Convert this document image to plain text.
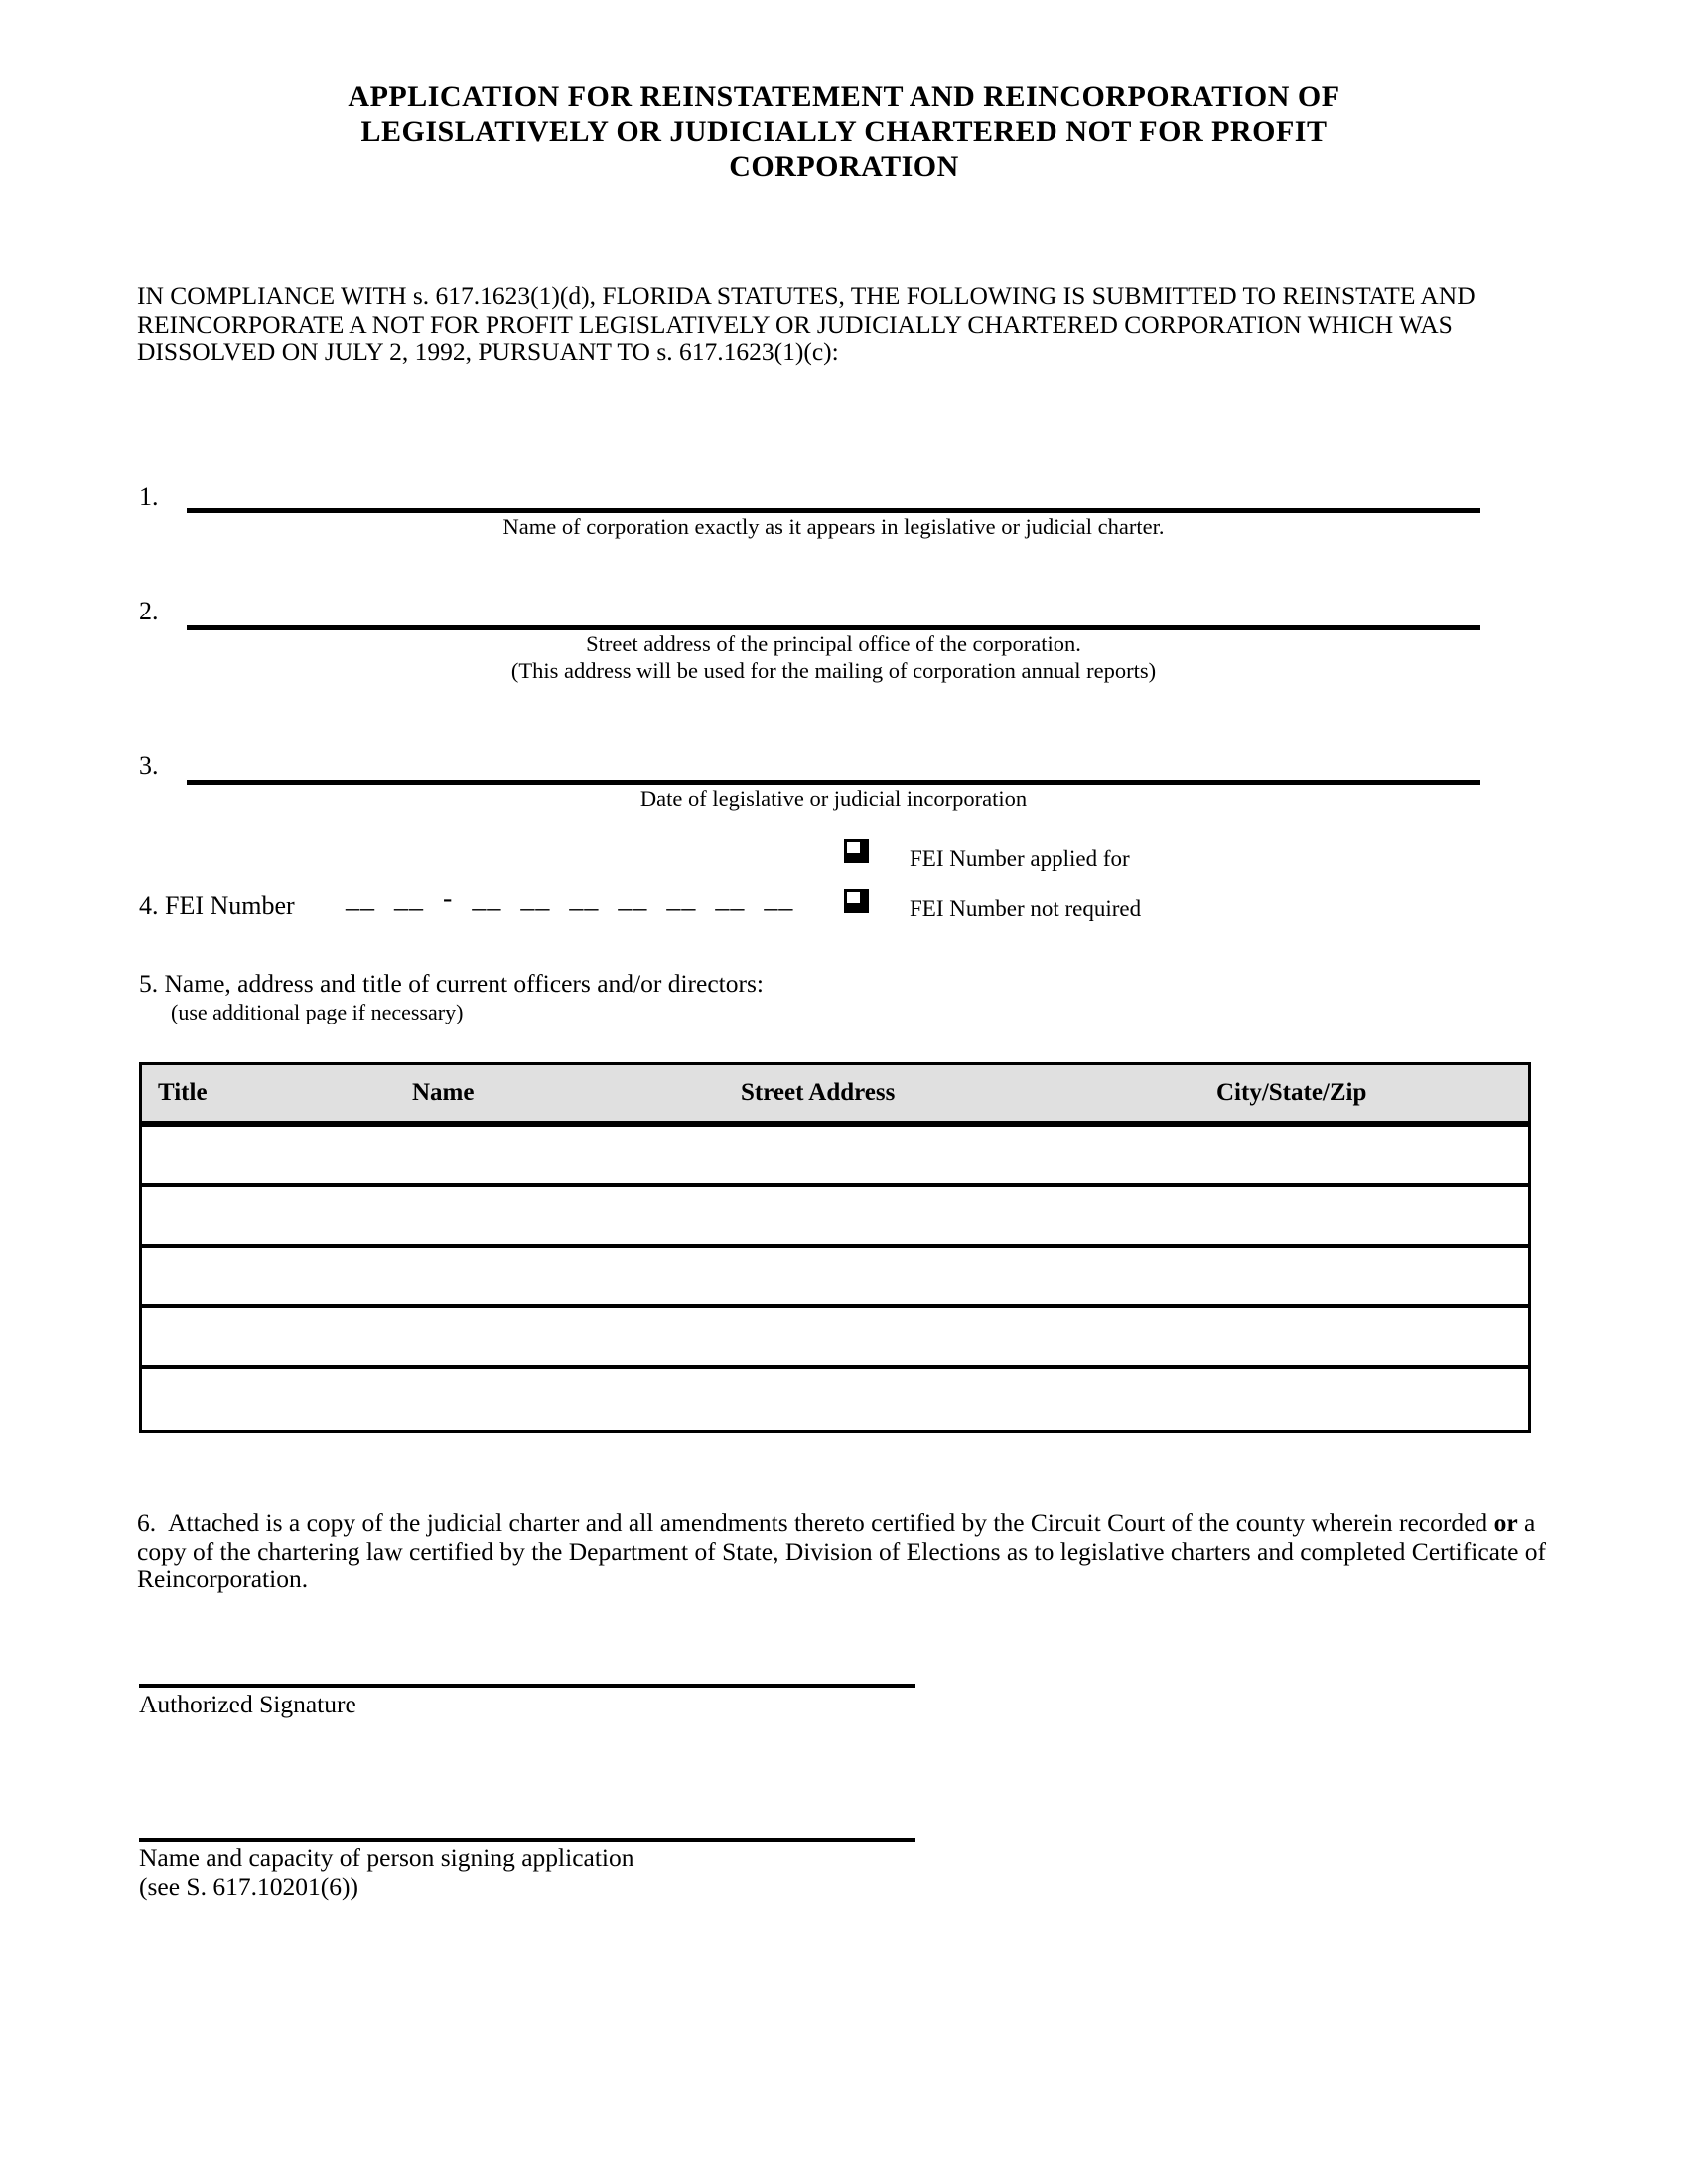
APPLICATION FOR REINSTATEMENT AND REINCORPORATION OF
LEGISLATIVELY OR JUDICIALLY CHARTERED NOT FOR PROFIT
CORPORATION
IN COMPLIANCE WITH s. 617.1623(1)(d), FLORIDA STATUTES, THE FOLLOWING IS SUBMITTED TO REINSTATE AND REINCORPORATE A NOT FOR PROFIT LEGISLATIVELY OR JUDICIALLY CHARTERED CORPORATION WHICH WAS DISSOLVED ON JULY 2, 1992, PURSUANT TO s. 617.1623(1)(c):
1.
Name of corporation exactly as it appears in legislative or judicial charter.
2.
Street address of the principal office of the corporation.
(This address will be used for the mailing of corporation annual reports)
3.
Date of legislative or judicial incorporation
FEI Number applied for
FEI Number not required
4. FEI Number __ __ - __ __ __ __ __ __ __
5. Name, address and title of current officers and/or directors:
(use additional page if necessary)
Title	Name	Street Address	City/State/Zip
6. Attached is a copy of the judicial charter and all amendments thereto certified by the Circuit Court of the county wherein recorded or a copy of the chartering law certified by the Department of State, Division of Elections as to legislative charters and completed Certificate of Reincorporation.
Authorized Signature
Name and capacity of person signing application
(see S. 617.10201(6))
